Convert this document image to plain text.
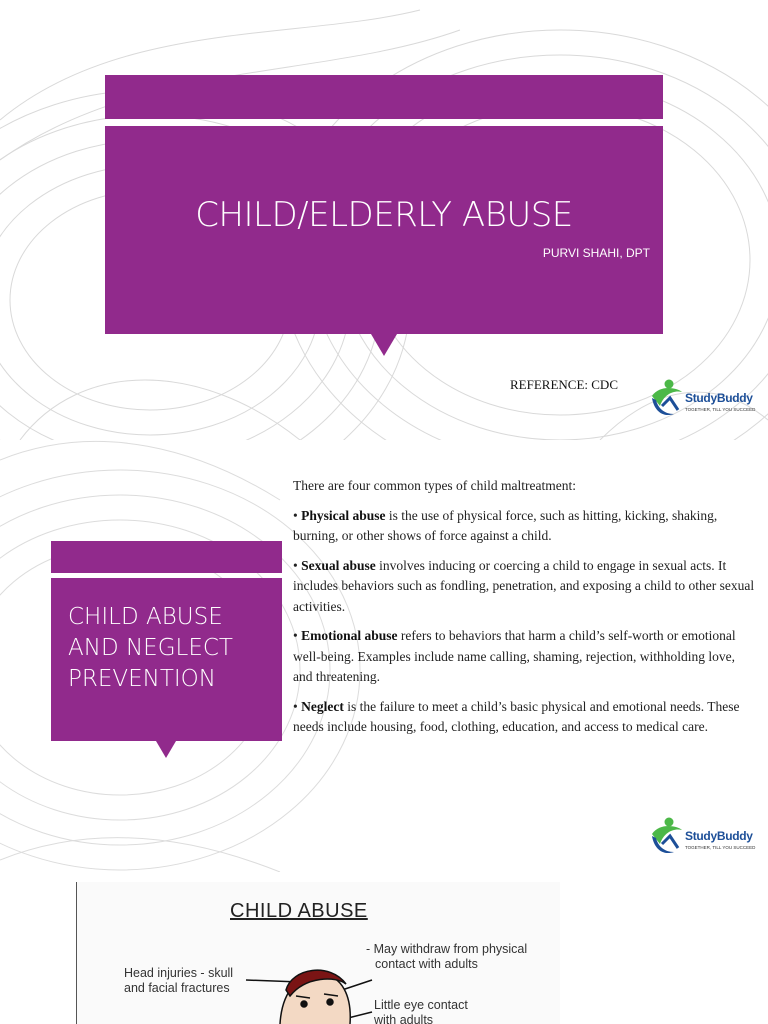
CHILD/ELDERLY ABUSE
PURVI SHAHI, DPT
REFERENCE: CDC
StudyBuddy
TOGETHER, TILL YOU SUCCEED
CHILD ABUSE
AND NEGLECT
PREVENTION

There are four common types of child maltreatment:

• Physical abuse is the use of physical force, such as hitting, kicking, shaking, burning, or other shows of force against a child.

• Sexual abuse involves inducing or coercing a child to engage in sexual acts. It includes behaviors such as fondling, penetration, and exposing a child to other sexual activities.

• Emotional abuse refers to behaviors that harm a child’s self-worth or emotional well-being. Examples include name calling, shaming, rejection, withholding love, and threatening.

• Neglect is the failure to meet a child’s basic physical and emotional needs. These needs include housing, food, clothing, education, and access to medical care.

StudyBuddy
TOGETHER, TILL YOU SUCCEED
CHILD ABUSE
- May withdraw from physical
contact with adults
Head injuries - skull
and facial fractures
Little eye contact
with adults
